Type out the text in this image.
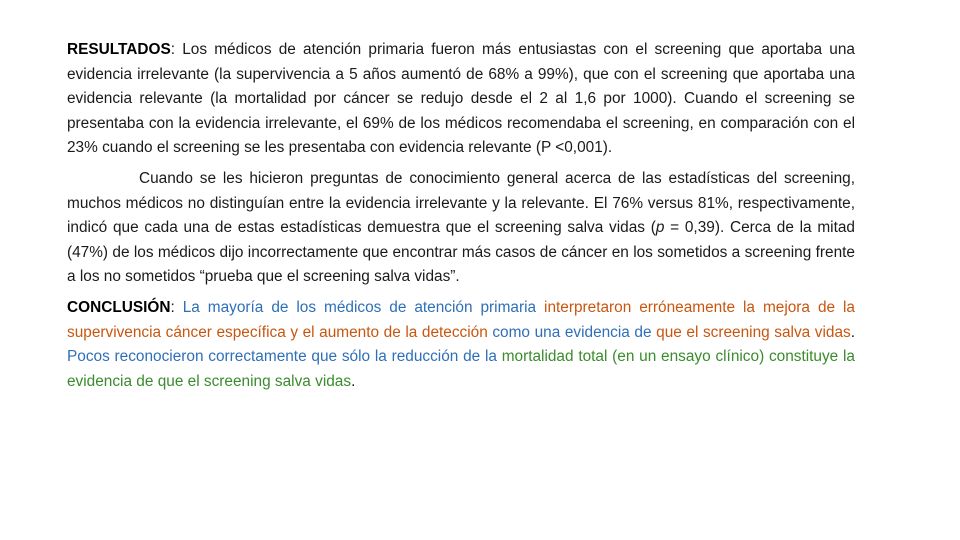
RESULTADOS: Los médicos de atención primaria fueron más entusiastas con el screening que aportaba una evidencia irrelevante (la supervivencia a 5 años aumentó de 68% a 99%), que con el screening que aportaba una evidencia relevante (la mortalidad por cáncer se redujo desde el 2 al 1,6 por 1000). Cuando el screening se presentaba con la evidencia irrelevante, el 69% de los médicos recomendaba el screening, en comparación con el 23% cuando el screening se les presentaba con evidencia relevante (P <0,001).

Cuando se les hicieron preguntas de conocimiento general acerca de las estadísticas del screening, muchos médicos no distinguían entre la evidencia irrelevante y la relevante. El 76% versus 81%, respectivamente, indicó que cada una de estas estadísticas demuestra que el screening salva vidas (p = 0,39). Cerca de la mitad (47%) de los médicos dijo incorrectamente que encontrar más casos de cáncer en los sometidos a screening frente a los no sometidos “prueba que el screening salva vidas”.

CONCLUSIÓN: La mayoría de los médicos de atención primaria interpretaron erróneamente la mejora de la supervivencia cáncer específica y el aumento de la detección como una evidencia de que el screening salva vidas. Pocos reconocieron correctamente que sólo la reducción de la mortalidad total (en un ensayo clínico) constituye la evidencia de que el screening salva vidas.
